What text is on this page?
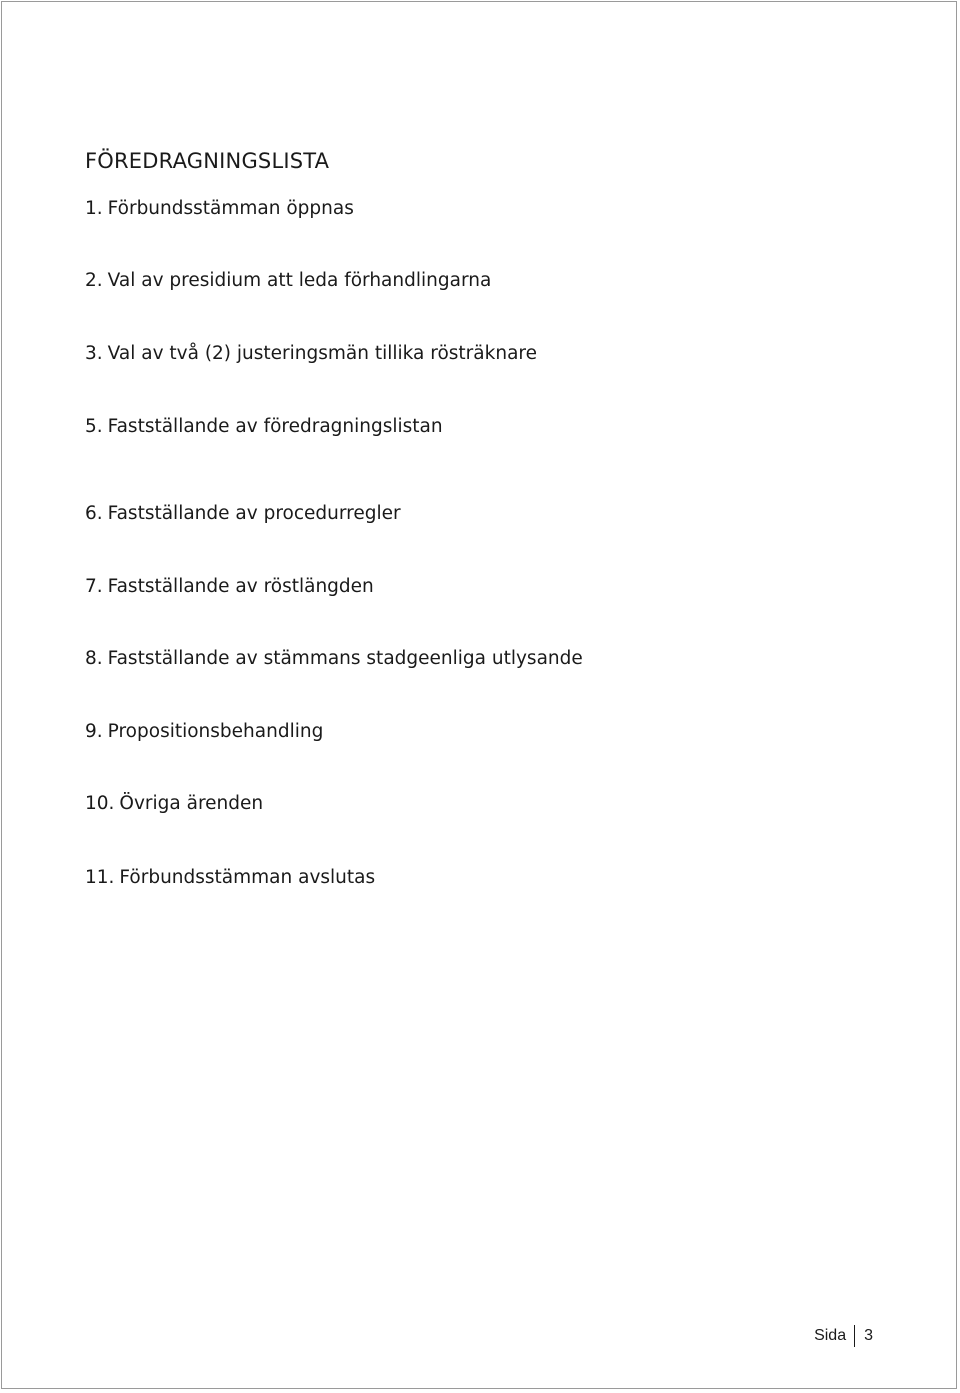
FÖREDRAGNINGSLISTA
1. Förbundsstämman öppnas
2. Val av presidium att leda förhandlingarna
3. Val av två (2) justeringsmän tillika rösträknare
5. Fastställande av föredragningslistan
6. Fastställande av procedurregler
7. Fastställande av röstlängden
8. Fastställande av stämmans stadgeenliga utlysande
9. Propositionsbehandling
10. Övriga ärenden
11. Förbundsstämman avslutas
Sida 3
